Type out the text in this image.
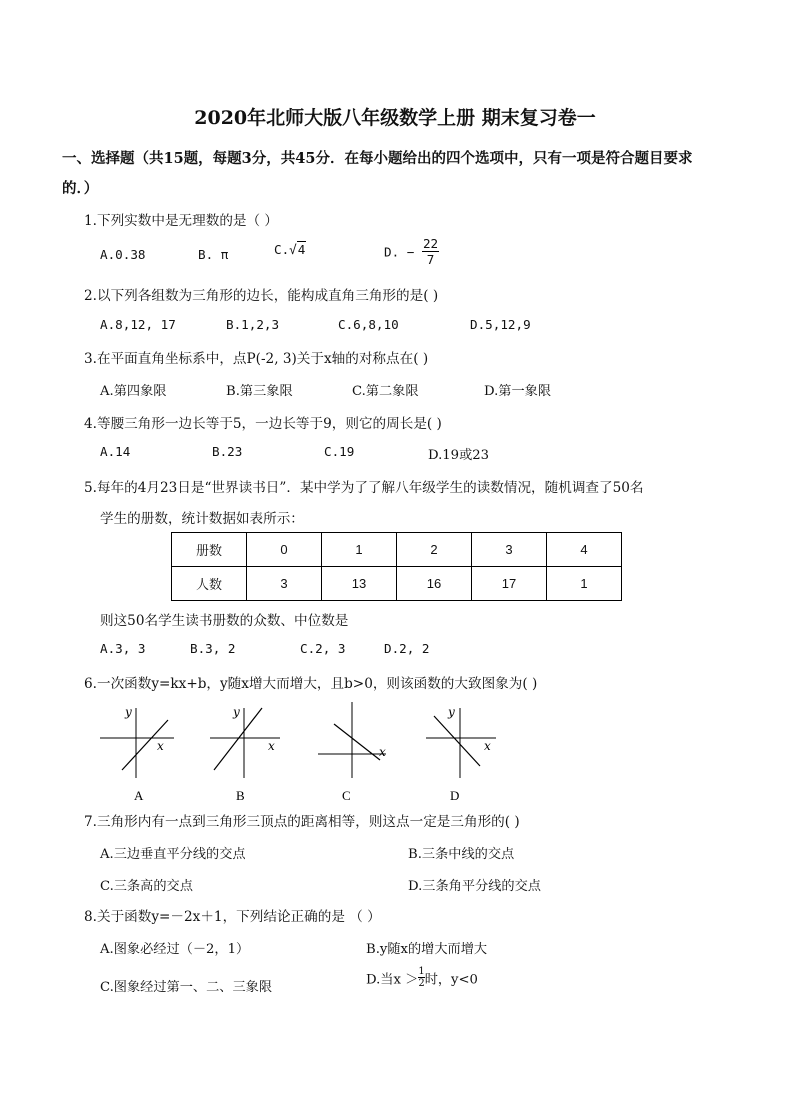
2020年北师大版八年级数学上册 期末复习卷一
一、选择题（共15题，每题3分，共45分．在每小题给出的四个选项中，只有一项是符合题目要求
的．）
1.下列实数中是无理数的是（ ）
A.0.38	B. π	C.√4	D. − $\frac{22}{7}$
2.以下列各组数为三角形的边长，能构成直角三角形的是( )
A.8,12, 17	B.1,2,3	C.6,8,10	D.5,12,9
3.在平面直角坐标系中，点P(-2, 3)关于x轴的对称点在( )
A.第四象限	B.第三象限	C.第二象限	D.第一象限
4.等腰三角形一边长等于5，一边长等于9，则它的周长是( )
A.14	B.23	C.19	D.19或23
5.每年的4月23日是“世界读书日”．某中学为了了解八年级学生的读数情况，随机调查了50名
学生的册数，统计数据如表所示：
册数	0	1	2	3	4
人数	3	13	16	17	1
则这50名学生读书册数的众数、中位数是
A.3, 3	B.3, 2	C.2, 3	D.2, 2
6.一次函数y=kx+b，y随x增大而增大，且b>0，则该函数的大致图象为( )
y
x
A
y
x
B
x
C
y
x
D
7.三角形内有一点到三角形三顶点的距离相等，则这点一定是三角形的( )
A.三边垂直平分线的交点	B.三条中线的交点
C.三条高的交点	D.三条角平分线的交点
8.关于函数y=－2x＋1，下列结论正确的是 （ ）
A.图象必经过（－2，1）	B.y随x的增大而增大
C.图象经过第一、二、三象限	D.当$x > \frac{1}{2}$ 时，y<0
